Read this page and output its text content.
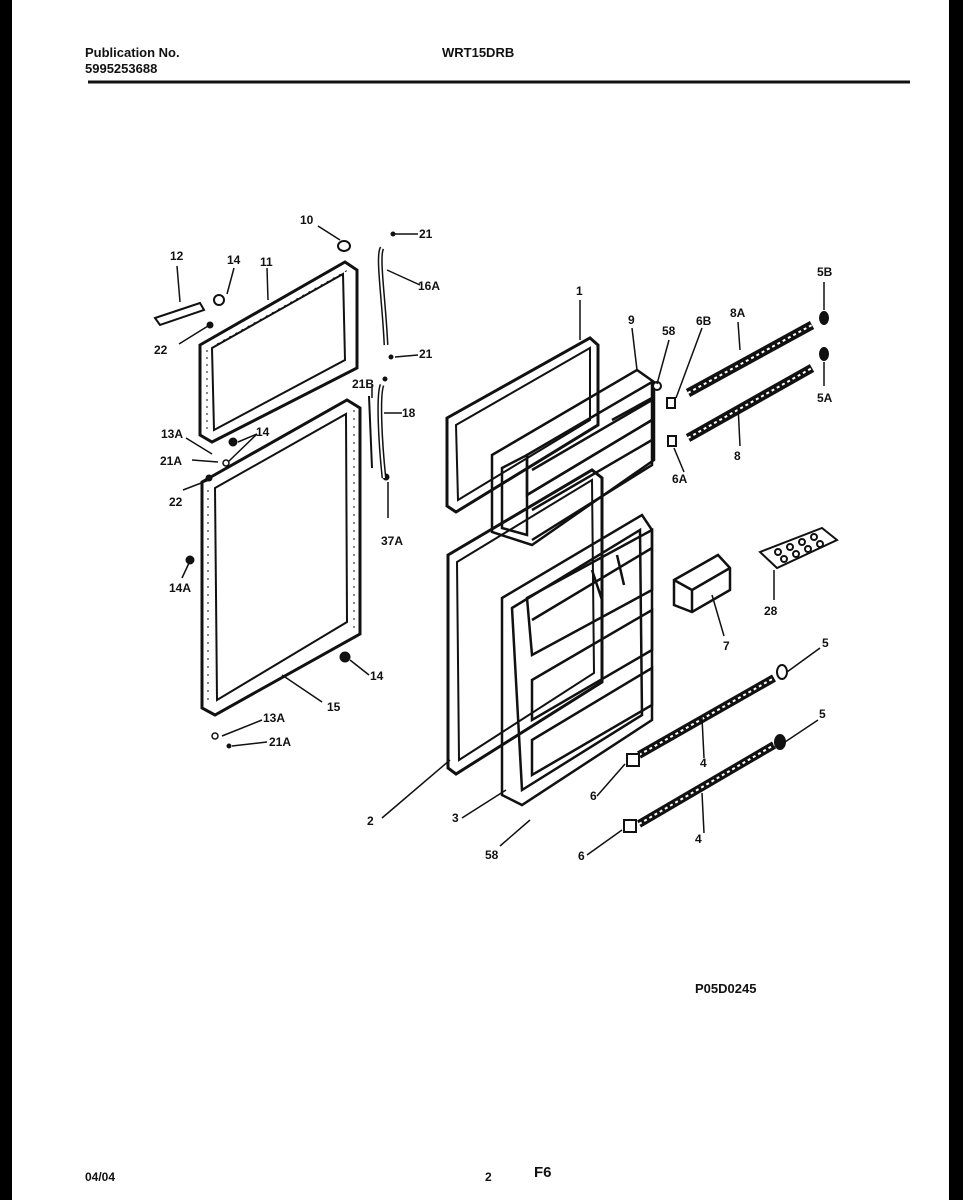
Publication No.
5995253688
WRT15DRB
12	14 11
10
21
16A
22	21
21B
18
13A	14
21A
22
37A
14A
14
15
13A
21A
1
9
58
6B
8A
5B
5A
8
6A
28
7	5
5
4
4
6
6
2	3
58
P05D0245
04/04	2	F6
